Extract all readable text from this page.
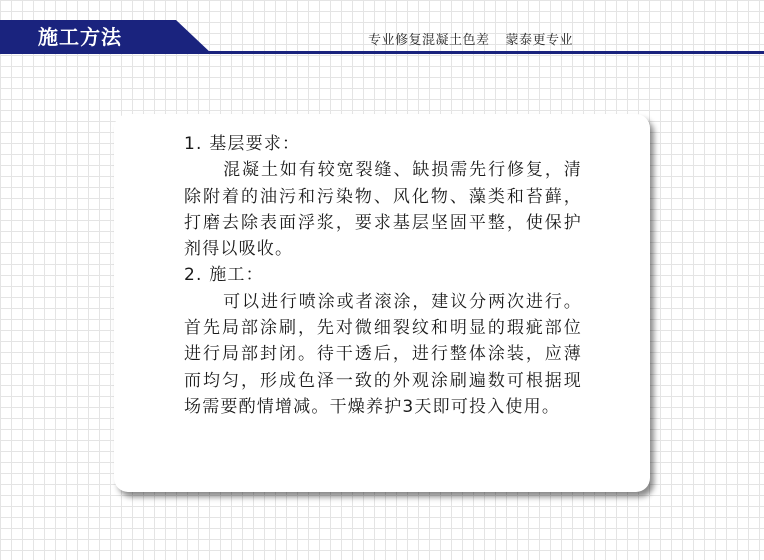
施工方法	专业修复混凝土色差 蒙泰更专业

1. 基层要求：

混凝土如有较宽裂缝、缺损需先行修复，清除附着的油污和污染物、风化物、藻类和苔藓，打磨去除表面浮浆，要求基层坚固平整，使保护剂得以吸收。

2. 施工：

可以进行喷涂或者滚涂，建议分两次进行。首先局部涂刷，先对微细裂纹和明显的瑕疵部位进行局部封闭。待干透后，进行整体涂装，应薄而均匀，形成色泽一致的外观涂刷遍数可根据现场需要酌情增减。干燥养护3天即可投入使用。
